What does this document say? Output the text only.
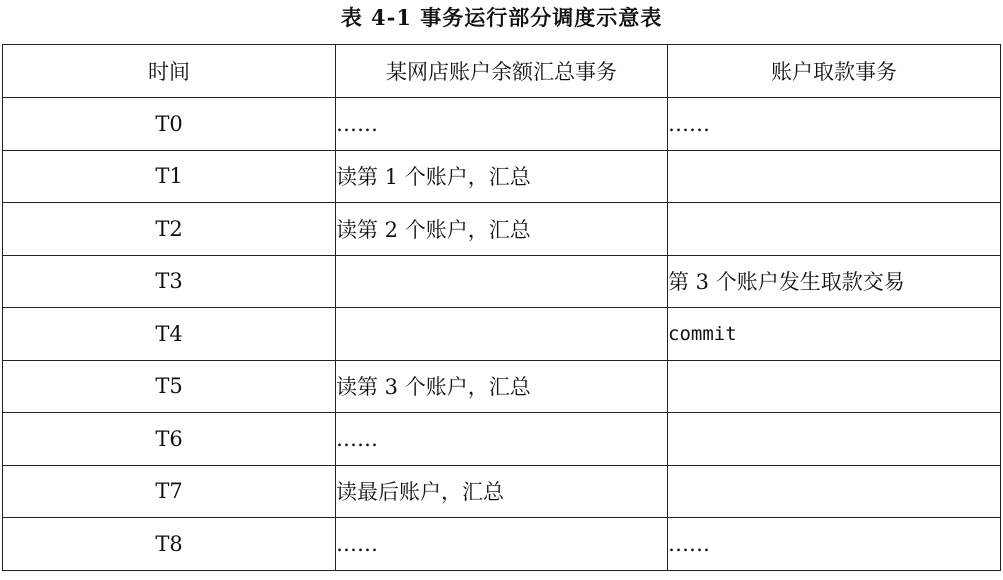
表 4-1 事务运行部分调度示意表
时间	某网店账户余额汇总事务	账户取款事务
T0	……	……
T1	读第 1 个账户，汇总	
T2	读第 2 个账户，汇总	
T3		第 3 个账户发生取款交易
T4		commit
T5	读第 3 个账户，汇总	
T6	……	
T7	读最后账户，汇总	
T8	……	……
